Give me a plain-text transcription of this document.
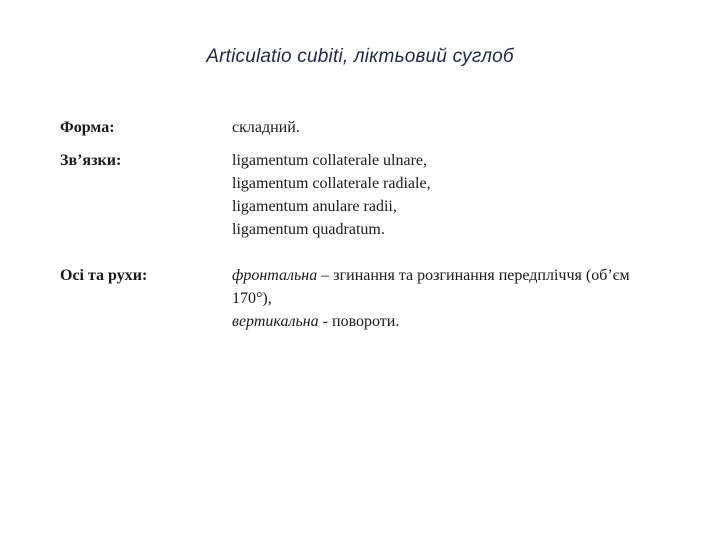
Articulatio cubiti, ліктьовий суглоб
Форма:	складний.
Зв’язки:	ligamentum collaterale ulnare,
ligamentum collaterale radiale,
ligamentum anulare radii,
ligamentum quadratum.
Осі та рухи:	фронтальна – згинання та розгинання передпліччя (об’єм
170°),
вертикальна - повороти.
